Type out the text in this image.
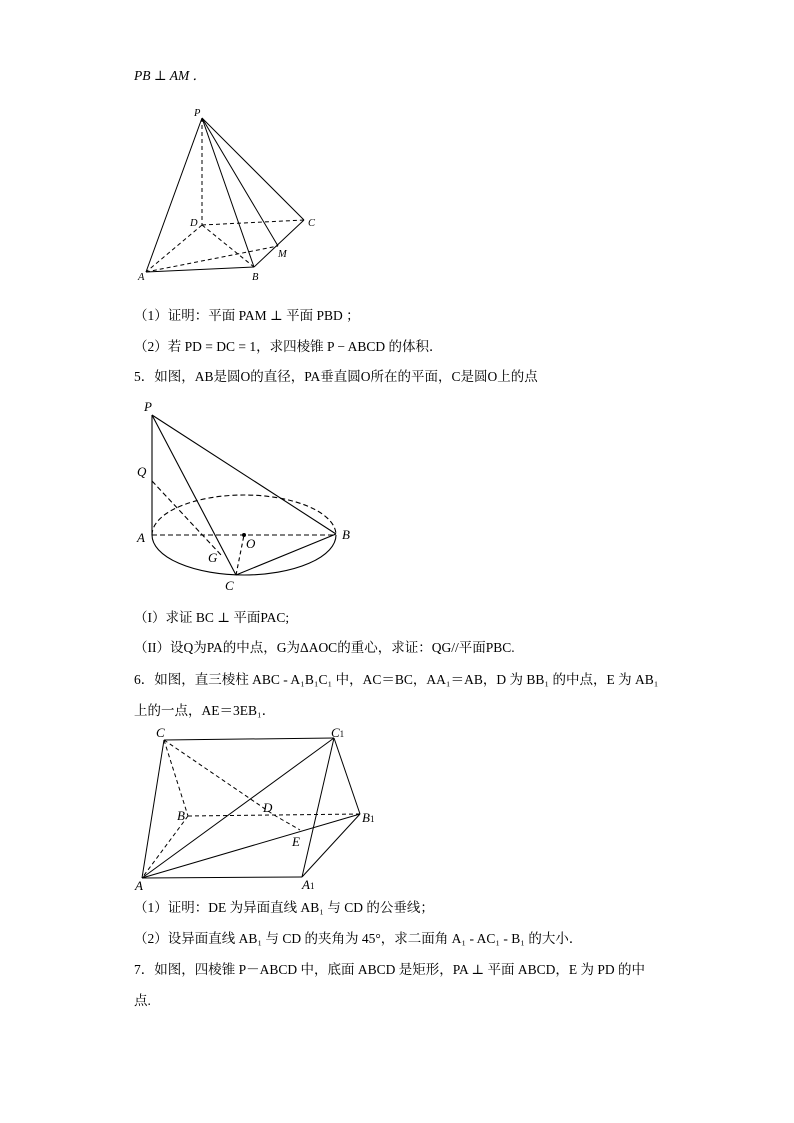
PB ⊥ AM ．
P
D	C
M
A	B
（1）证明：平面 PAM ⊥ 平面 PBD ；
（2）若 PD = DC = 1，求四棱锥 P − ABCD 的体积．
5．如图，AB是圆O的直径，PA垂直圆O所在的平面，C是圆O上的点
P
Q
A
G
O
B
C
（I）求证 BC ⊥ 平面PAC;
（II）设Q为PA的中点，G为ΔAOC的重心，求证：QG//平面PBC.
6．如图，直三棱柱 ABC - A₁B₁C₁ 中，AC＝BC，AA₁＝AB，D 为 BB₁ 的中点，E 为 AB₁
上的一点，AE＝3EB₁．
C	C1
B
D
B1
E
A	A1
（1）证明：DE 为异面直线 AB₁ 与 CD 的公垂线；
（2）设异面直线 AB₁ 与 CD 的夹角为 45°，求二面角 A₁ - AC₁ - B₁ 的大小．
7．如图，四棱锥 P－ABCD 中，底面 ABCD 是矩形，PA ⊥ 平面 ABCD，E 为 PD 的中
点.
